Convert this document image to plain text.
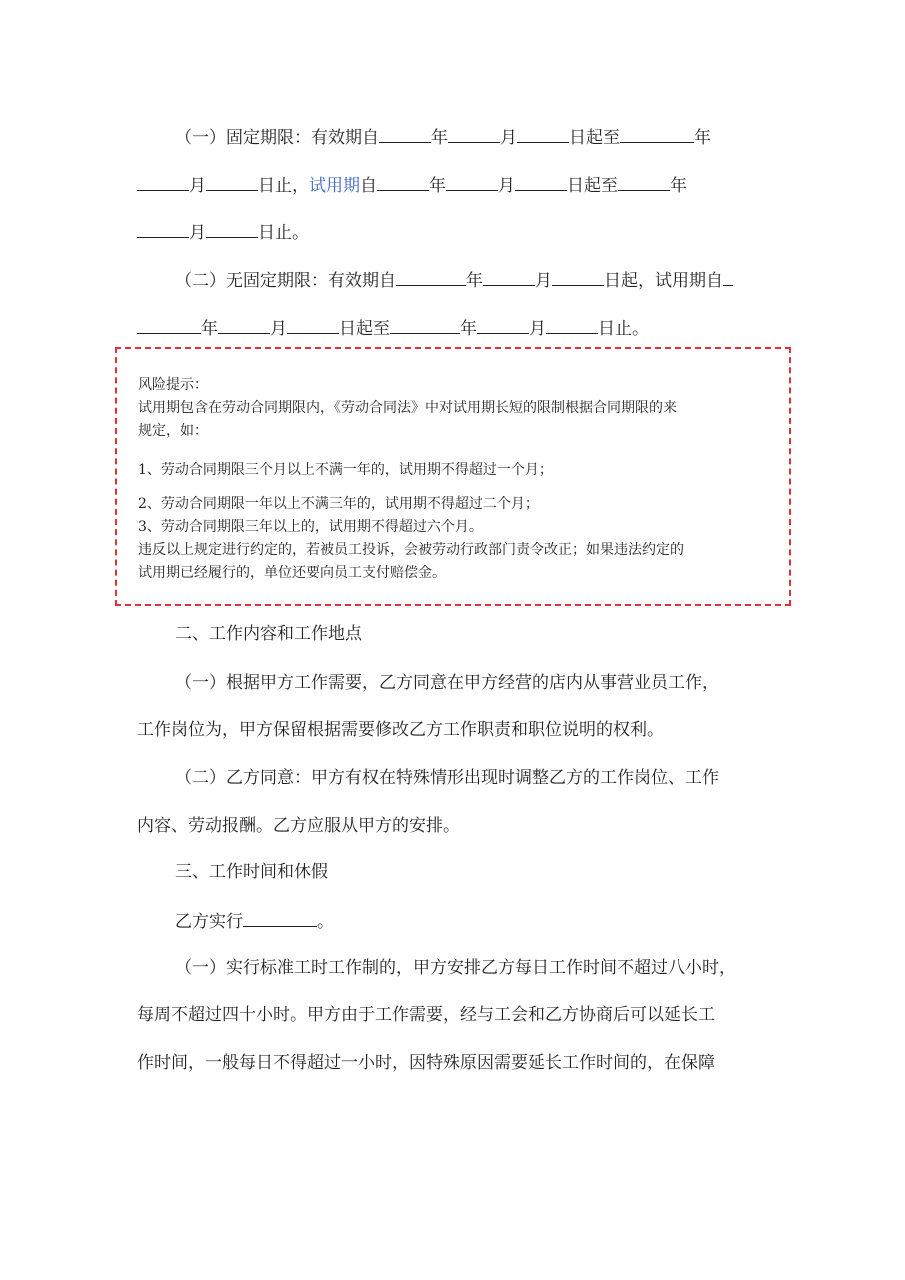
（一）固定期限：有效期自	年	月	日起至	年
月	日止，试用期自	年	月	日起至	年
月	日止。
（二）无固定期限：有效期自	年	月	日起，试用期自
年	月	日起至	年	月	日止。
风险提示：
试用期包含在劳动合同期限内，《劳动合同法》中对试用期长短的限制根据合同期限的来
规定，如：
1、劳动合同期限三个月以上不满一年的，试用期不得超过一个月；
2、劳动合同期限一年以上不满三年的，试用期不得超过二个月；
3、劳动合同期限三年以上的，试用期不得超过六个月。
违反以上规定进行约定的，若被员工投诉，会被劳动行政部门责令改正；如果违法约定的
试用期已经履行的，单位还要向员工支付赔偿金。
二、工作内容和工作地点
（一）根据甲方工作需要，乙方同意在甲方经营的店内从事营业员工作，
工作岗位为，甲方保留根据需要修改乙方工作职责和职位说明的权利。
（二）乙方同意：甲方有权在特殊情形出现时调整乙方的工作岗位、工作
内容、劳动报酬。乙方应服从甲方的安排。
三、工作时间和休假
乙方实行	。
（一）实行标准工时工作制的，甲方安排乙方每日工作时间不超过八小时，
每周不超过四十小时。甲方由于工作需要，经与工会和乙方协商后可以延长工
作时间，一般每日不得超过一小时，因特殊原因需要延长工作时间的，在保障
